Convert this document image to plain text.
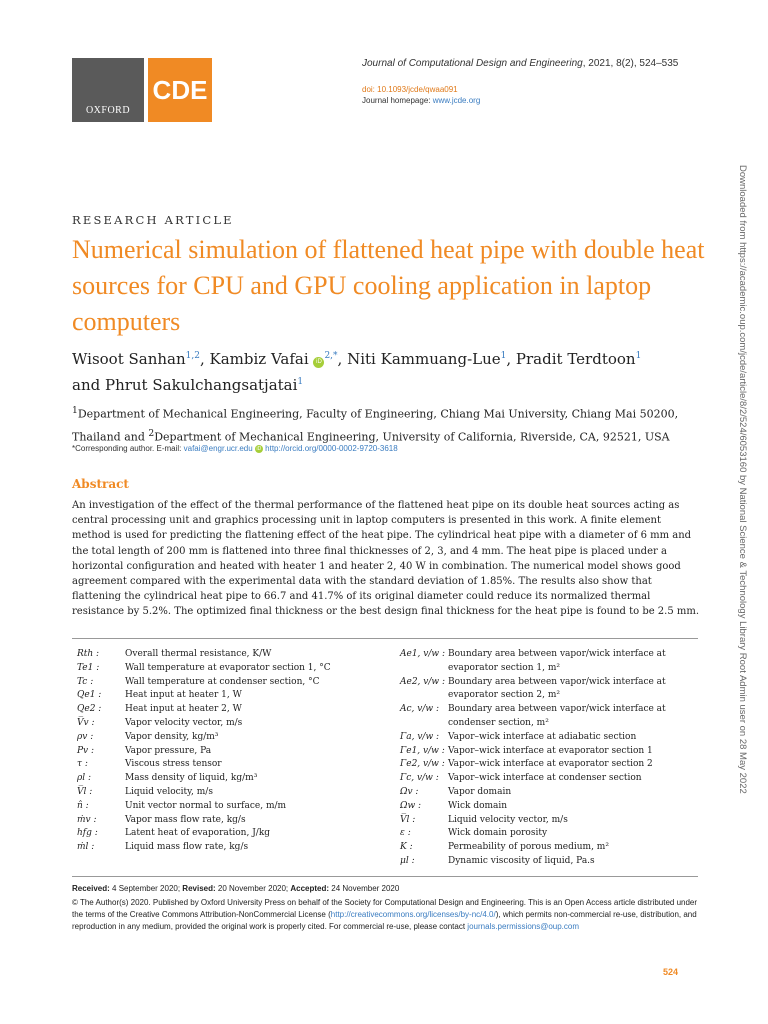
OXFORD
CDE
Journal of Computational Design and Engineering, 2021, 8(2), 524–535
doi: 10.1093/jcde/qwaa091
Journal homepage: www.jcde.org
Downloaded from https://academic.oup.com/jcde/article/8/2/524/6053160 by National Science & Technology Library Root Admin user on 28 May 2022
RESEARCH ARTICLE
Numerical simulation of flattened heat pipe with double heat sources for CPU and GPU cooling application in laptop computers
Wisoot Sanhan$^{1,2}$, Kambiz Vafai $iD^{2,*}$, Niti Kammuang-Lue$^1$, Pradit Terdtoon$^1$
and Phrut Sakulchangsatjatai$^1$
$^1$Department of Mechanical Engineering, Faculty of Engineering, Chiang Mai University, Chiang Mai 50200, Thailand and $^2$Department of Mechanical Engineering, University of California, Riverside, CA, 92521, USA
*Corresponding author. E-mail: vafai@engr.ucr.edu iD http://orcid.org/0000-0002-9720-3618
Abstract

An investigation of the effect of the thermal performance of the flattened heat pipe on its double heat sources acting as central processing unit and graphics processing unit in laptop computers is presented in this work. A finite element method is used for predicting the flattening effect of the heat pipe. The cylindrical heat pipe with a diameter of 6 mm and the total length of 200 mm is flattened into three final thicknesses of 2, 3, and 4 mm. The heat pipe is placed under a horizontal configuration and heated with heater 1 and heater 2, 40 W in combination. The numerical model shows good agreement compared with the experimental data with the standard deviation of 1.85%. The results also show that flattening the cylindrical heat pipe to 66.7 and 41.7% of its original diameter could reduce its normalized thermal resistance by 5.2%. The optimized final thickness or the best design final thickness for the heat pipe is found to be 2.5 mm.

Rth :	Overall thermal resistance, K/W
Te1 :	Wall temperature at evaporator section 1, °C
Tc :	Wall temperature at condenser section, °C
Qe1 :	Heat input at heater 1, W
Qe2 :	Heat input at heater 2, W
V̅v :	Vapor velocity vector, m/s
ρv :	Vapor density, kg/m³
Pv :	Vapor pressure, Pa
τ :	Viscous stress tensor
ρl :	Mass density of liquid, kg/m³
V̅l :	Liquid velocity, m/s
n̂ :	Unit vector normal to surface, m/m
ṁv :	Vapor mass flow rate, kg/s
hfg :	Latent heat of evaporation, J/kg
ṁl :	Liquid mass flow rate, kg/s
Ae1, v/w : Boundary area between vapor/wick interface at evaporator section 1, m²
Ae2, v/w : Boundary area between vapor/wick interface at evaporator section 2, m²
Ac, v/w :	Boundary area between vapor/wick interface at condenser section, m²
Γa, v/w : Vapor–wick interface at adiabatic section
Γe1, v/w : Vapor–wick interface at evaporator section 1
Γe2, v/w : Vapor–wick interface at evaporator section 2
Γc, v/w :	Vapor–wick interface at condenser section
Ωv :	Vapor domain
Ωw :	Wick domain
V̅l :	Liquid velocity vector, m/s
ε :	Wick domain porosity
K :	Permeability of porous medium, m²
μl :	Dynamic viscosity of liquid, Pa.s
Received: 4 September 2020; Revised: 20 November 2020; Accepted: 24 November 2020
© The Author(s) 2020. Published by Oxford University Press on behalf of the Society for Computational Design and Engineering. This is an Open Access article distributed under the terms of the Creative Commons Attribution-NonCommercial License (http://creativecommons.org/licenses/by-nc/4.0/), which permits non-commercial re-use, distribution, and reproduction in any medium, provided the original work is properly cited. For commercial re-use, please contact journals.permissions@oup.com
524
